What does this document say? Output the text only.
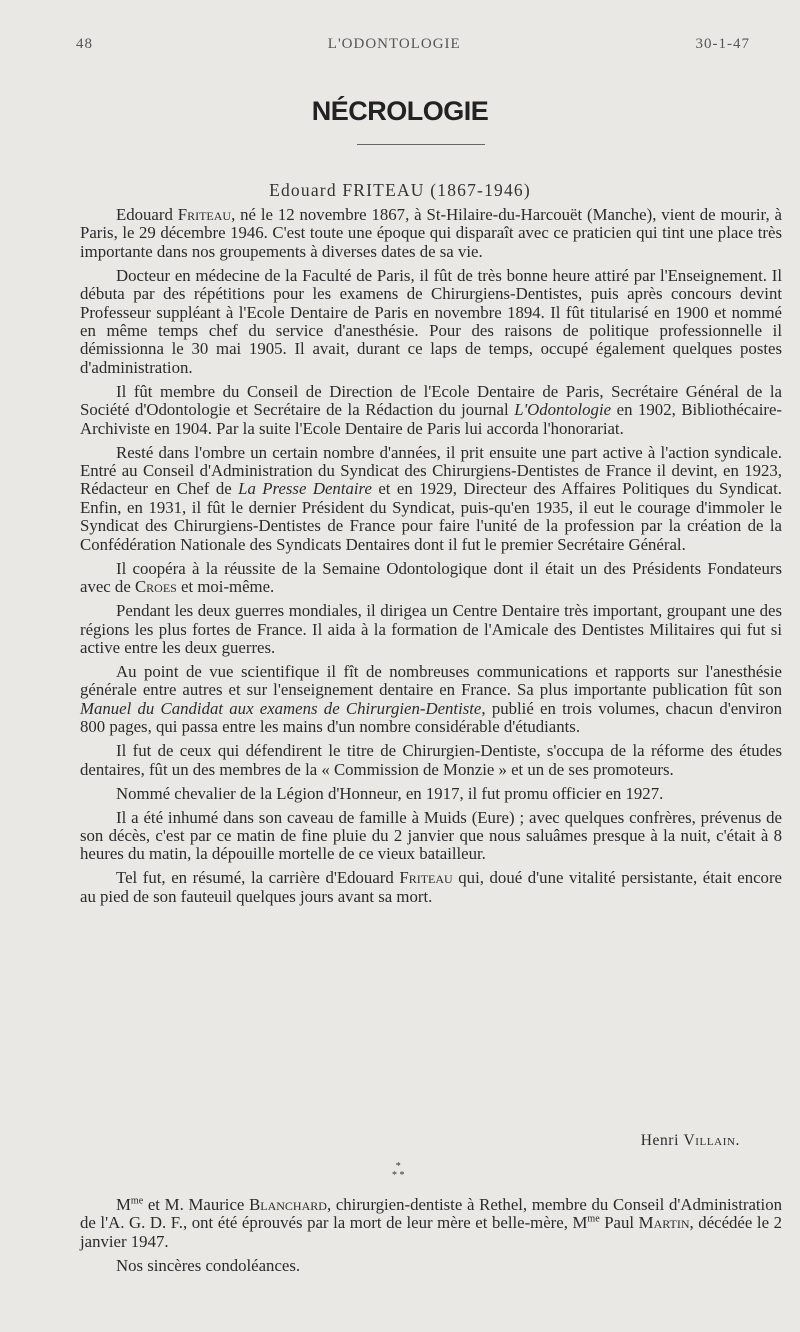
48	L'ODONTOLOGIE	30-1-47
NÉCROLOGIE
Edouard FRITEAU (1867-1946)

Edouard Friteau, né le 12 novembre 1867, à St-Hilaire-du-Harcouët (Manche), vient de mourir, à Paris, le 29 décembre 1946. C'est toute une époque qui disparaît avec ce praticien qui tint une place très importante dans nos groupements à diverses dates de sa vie.

Docteur en médecine de la Faculté de Paris, il fût de très bonne heure attiré par l'Enseignement. Il débuta par des répétitions pour les examens de Chirurgiens-Dentistes, puis après concours devint Professeur suppléant à l'Ecole Dentaire de Paris en novembre 1894. Il fût titularisé en 1900 et nommé en même temps chef du service d'anesthésie. Pour des raisons de politique professionnelle il démissionna le 30 mai 1905. Il avait, durant ce laps de temps, occupé également quelques postes d'administration.

Il fût membre du Conseil de Direction de l'Ecole Dentaire de Paris, Secrétaire Général de la Société d'Odontologie et Secrétaire de la Rédaction du journal L'Odontologie en 1902, Bibliothécaire-Archiviste en 1904. Par la suite l'Ecole Dentaire de Paris lui accorda l'honorariat.

Resté dans l'ombre un certain nombre d'années, il prit ensuite une part active à l'action syndicale. Entré au Conseil d'Administration du Syndicat des Chirurgiens-Dentistes de France il devint, en 1923, Rédacteur en Chef de La Presse Dentaire et en 1929, Directeur des Affaires Politiques du Syndicat. Enfin, en 1931, il fût le dernier Président du Syndicat, puis-qu'en 1935, il eut le courage d'immoler le Syndicat des Chirurgiens-Dentistes de France pour faire l'unité de la profession par la création de la Confédération Nationale des Syndicats Dentaires dont il fut le premier Secrétaire Général.

Il coopéra à la réussite de la Semaine Odontologique dont il était un des Présidents Fondateurs avec de Croes et moi-même.

Pendant les deux guerres mondiales, il dirigea un Centre Dentaire très important, groupant une des régions les plus fortes de France. Il aida à la formation de l'Amicale des Dentistes Militaires qui fut si active entre les deux guerres.

Au point de vue scientifique il fît de nombreuses communications et rapports sur l'anesthésie générale entre autres et sur l'enseignement dentaire en France. Sa plus importante publication fût son Manuel du Candidat aux examens de Chirurgien-Dentiste, publié en trois volumes, chacun d'environ 800 pages, qui passa entre les mains d'un nombre considérable d'étudiants.

Il fut de ceux qui défendirent le titre de Chirurgien-Dentiste, s'occupa de la réforme des études dentaires, fût un des membres de la « Commission de Monzie » et un de ses promoteurs.

Nommé chevalier de la Légion d'Honneur, en 1917, il fut promu officier en 1927.

Il a été inhumé dans son caveau de famille à Muids (Eure) ; avec quelques confrères, prévenus de son décès, c'est par ce matin de fine pluie du 2 janvier que nous saluâmes presque à la nuit, c'était à 8 heures du matin, la dépouille mortelle de ce vieux batailleur.

Tel fut, en résumé, la carrière d'Edouard Friteau qui, doué d'une vitalité persistante, était encore au pied de son fauteuil quelques jours avant sa mort.

Henri Villain.
*
* *

$M^{me}$ et M. Maurice Blanchard, chirurgien-dentiste à Rethel, membre du Conseil d'Administration de l'A. G. D. F., ont été éprouvés par la mort de leur mère et belle-mère, $M^{me}$ Paul Martin, décédée le 2 janvier 1947.

Nos sincères condoléances.
